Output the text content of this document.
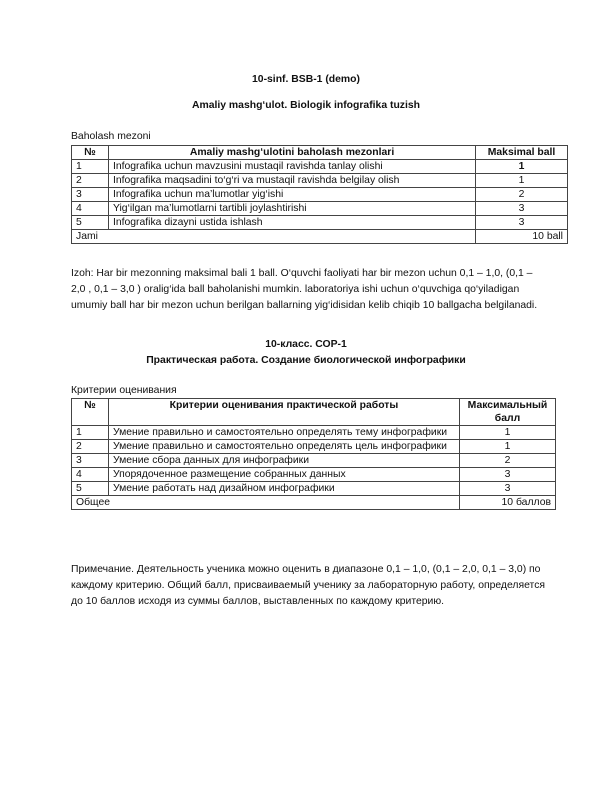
10-sinf. BSB-1 (demo)
Amaliy mashg‘ulot. Biologik infografika tuzish
Baholash mezoni
№	Amaliy mashg‘ulotini baholash mezonlari	Maksimal ball
1	Infografika uchun mavzusini mustaqil ravishda tanlay olishi	1
2	Infografika maqsadini to‘g‘ri va mustaqil ravishda belgilay olish	1
3	Infografika uchun ma’lumotlar yig‘ishi	2
4	Yig‘ilgan ma’lumotlarni tartibli joylashtirishi	3
5	Infografika dizayni ustida ishlash	3
Jami		10 ball
Izoh: Har bir mezonning maksimal bali 1 ball. O‘quvchi faoliyati har bir mezon uchun 0,1 – 1,0, (0,1 – 2,0 , 0,1 – 3,0 ) oralig‘ida ball baholanishi mumkin. laboratoriya ishi uchun o‘quvchiga qo‘yiladigan umumiy ball har bir mezon uchun berilgan ballarning yig‘idisidan kelib chiqib 10 ballgacha belgilanadi.
10-класс. СОР-1
Практическая работа. Создание биологической инфографики
Критерии оценивания
№	Критерии оценивания практической работы	Максимальный балл
1	Умение правильно и самостоятельно определять тему инфографики	1
2	Умение правильно и самостоятельно определять цель инфографики	1
3	Умение сбора данных для инфографики	2
4	Упорядоченное размещение собранных данных	3
5	Умение работать над дизайном инфографики	3
Общее		10 баллов
Примечание. Деятельность ученика можно оценить в диапазоне 0,1 – 1,0, (0,1 – 2,0, 0,1 – 3,0) по каждому критерию. Общий балл, присваиваемый ученику за лабораторную работу, определяется до 10 баллов исходя из суммы баллов, выставленных по каждому критерию.
